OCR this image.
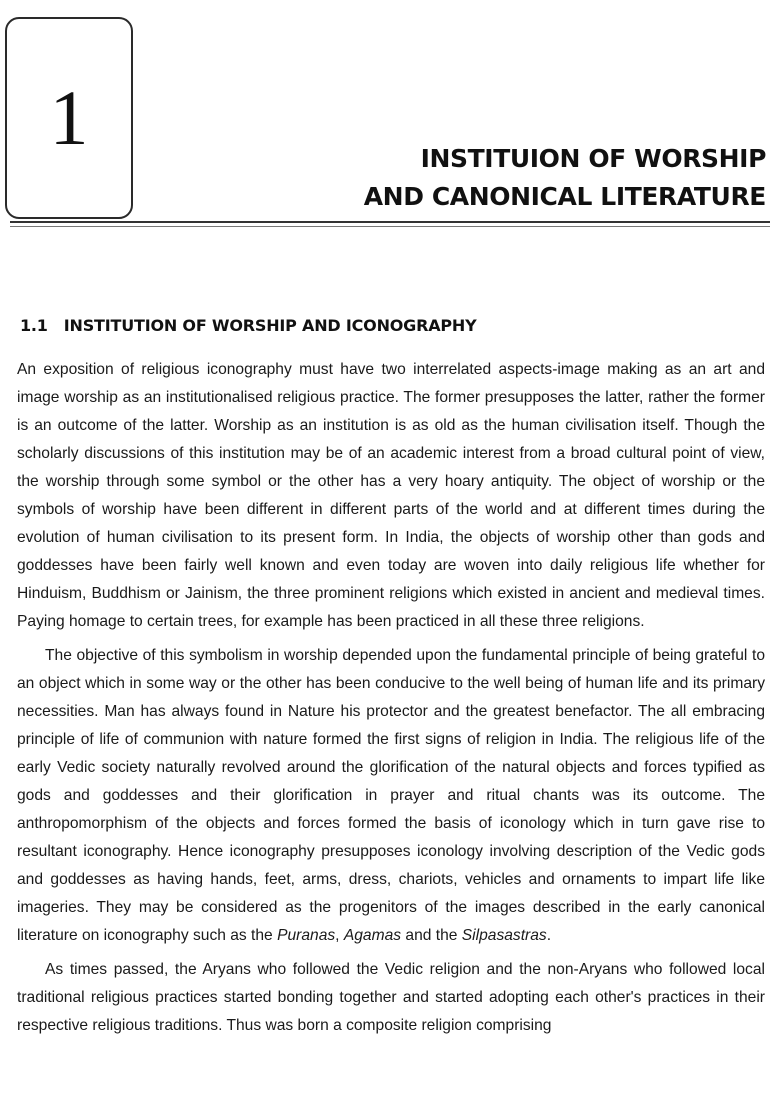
1	INSTITUION OF WORSHIP
AND CANONICAL LITERATURE
1.1 INSTITUTION OF WORSHIP AND ICONOGRAPHY

An exposition of religious iconography must have two interrelated aspects-image making as an art and image worship as an institutionalised religious practice. The former presupposes the latter, rather the former is an outcome of the latter. Worship as an institution is as old as the human civilisation itself. Though the scholarly discussions of this institution may be of an academic interest from a broad cultural point of view, the worship through some symbol or the other has a very hoary antiquity. The object of worship or the symbols of worship have been different in different parts of the world and at different times during the evolution of human civilisation to its present form. In India, the objects of worship other than gods and goddesses have been fairly well known and even today are woven into daily religious life whether for Hinduism, Buddhism or Jainism, the three prominent religions which existed in ancient and medieval times. Paying homage to certain trees, for example has been practiced in all these three religions.

The objective of this symbolism in worship depended upon the fundamental principle of being grateful to an object which in some way or the other has been conducive to the well being of human life and its primary necessities. Man has always found in Nature his protector and the greatest benefactor. The all embracing principle of life of communion with nature formed the first signs of religion in India. The religious life of the early Vedic society naturally revolved around the glorification of the natural objects and forces typified as gods and goddesses and their glorification in prayer and ritual chants was its outcome. The anthropomorphism of the objects and forces formed the basis of iconology which in turn gave rise to resultant iconography. Hence iconography presupposes iconology involving description of the Vedic gods and goddesses as having hands, feet, arms, dress, chariots, vehicles and ornaments to impart life like imageries. They may be considered as the progenitors of the images described in the early canonical literature on iconography such as the Puranas, Agamas and the Silpasastras.

As times passed, the Aryans who followed the Vedic religion and the non-Aryans who followed local traditional religious practices started bonding together and started adopting each other's practices in their respective religious traditions. Thus was born a composite religion comprising
